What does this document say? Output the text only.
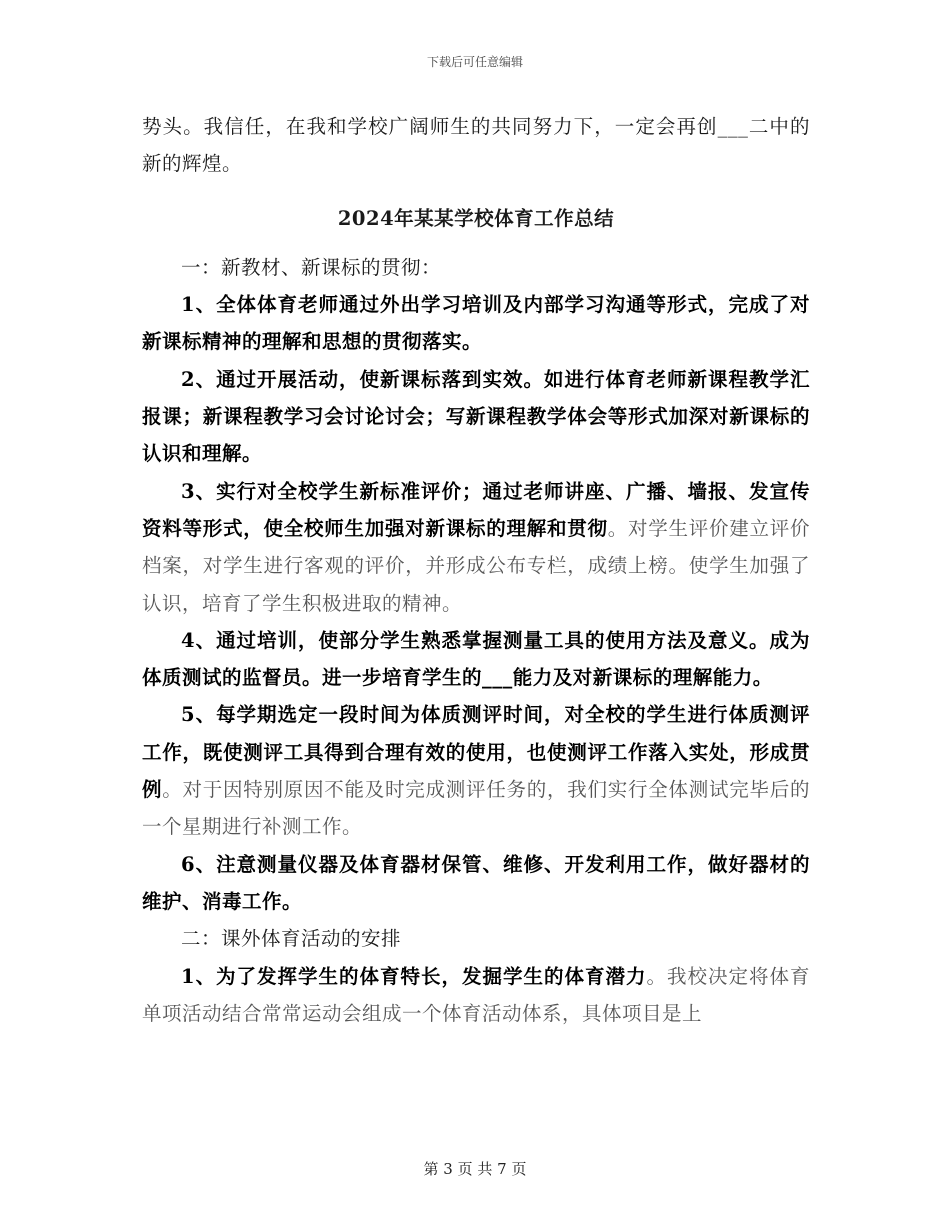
下载后可任意编辑

势头。我信任，在我和学校广阔师生的共同努力下，一定会再创___二中的新的辉煌。

2024年某某学校体育工作总结

一：新教材、新课标的贯彻：

1、全体体育老师通过外出学习培训及内部学习沟通等形式，完成了对新课标精神的理解和思想的贯彻落实。

2、通过开展活动，使新课标落到实效。如进行体育老师新课程教学汇报课；新课程教学习会讨论讨会；写新课程教学体会等形式加深对新课标的认识和理解。

3、实行对全校学生新标准评价；通过老师讲座、广播、墙报、发宣传资料等形式，使全校师生加强对新课标的理解和贯彻。对学生评价建立评价档案，对学生进行客观的评价，并形成公布专栏，成绩上榜。使学生加强了认识，培育了学生积极进取的精神。

4、通过培训，使部分学生熟悉掌握测量工具的使用方法及意义。成为体质测试的监督员。进一步培育学生的___能力及对新课标的理解能力。

5、每学期选定一段时间为体质测评时间，对全校的学生进行体质测评工作，既使测评工具得到合理有效的使用，也使测评工作落入实处，形成贯例。对于因特别原因不能及时完成测评任务的，我们实行全体测试完毕后的一个星期进行补测工作。

6、注意测量仪器及体育器材保管、维修、开发利用工作，做好器材的维护、消毒工作。

二：课外体育活动的安排

1、为了发挥学生的体育特长，发掘学生的体育潜力。我校决定将体育单项活动结合常常运动会组成一个体育活动体系，具体项目是上

第 3 页 共 7 页
